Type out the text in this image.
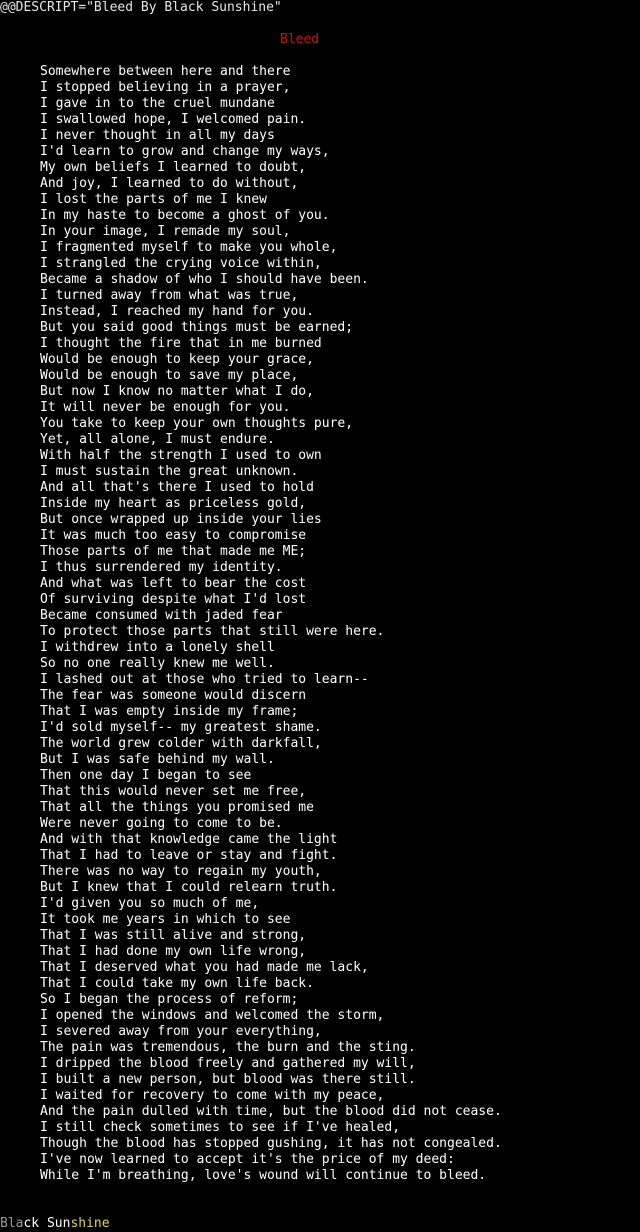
@@DESCRIPT="Bleed By Black Sunshine"
Bleed
Somewhere between here and there
I stopped believing in a prayer,
I gave in to the cruel mundane
I swallowed hope, I welcomed pain.
I never thought in all my days
I'd learn to grow and change my ways,
My own beliefs I learned to doubt,
And joy, I learned to do without,
I lost the parts of me I knew
In my haste to become a ghost of you.
In your image, I remade my soul,
I fragmented myself to make you whole,
I strangled the crying voice within,
Became a shadow of who I should have been.
I turned away from what was true,
Instead, I reached my hand for you.
But you said good things must be earned;
I thought the fire that in me burned
Would be enough to keep your grace,
Would be enough to save my place,
But now I know no matter what I do,
It will never be enough for you.
You take to keep your own thoughts pure,
Yet, all alone, I must endure.
With half the strength I used to own
I must sustain the great unknown.
And all that's there I used to hold
Inside my heart as priceless gold,
But once wrapped up inside your lies
It was much too easy to compromise
Those parts of me that made me ME;
I thus surrendered my identity.
And what was left to bear the cost
Of surviving despite what I'd lost
Became consumed with jaded fear
To protect those parts that still were here.
I withdrew into a lonely shell
So no one really knew me well.
I lashed out at those who tried to learn--
The fear was someone would discern
That I was empty inside my frame;
I'd sold myself-- my greatest shame.
The world grew colder with darkfall,
But I was safe behind my wall.
Then one day I began to see
That this would never set me free,
That all the things you promised me
Were never going to come to be.
And with that knowledge came the light
That I had to leave or stay and fight.
There was no way to regain my youth,
But I knew that I could relearn truth.
I'd given you so much of me,
It took me years in which to see
That I was still alive and strong,
That I had done my own life wrong,
That I deserved what you had made me lack,
That I could take my own life back.
So I began the process of reform;
I opened the windows and welcomed the storm,
I severed away from your everything,
The pain was tremendous, the burn and the sting.
I dripped the blood freely and gathered my will,
I built a new person, but blood was there still.
I waited for recovery to come with my peace,
And the pain dulled with time, but the blood did not cease.
I still check sometimes to see if I've healed,
Though the blood has stopped gushing, it has not congealed.
I've now learned to accept it's the price of my deed:
While I'm breathing, love's wound will continue to bleed.
Black Sunshine
